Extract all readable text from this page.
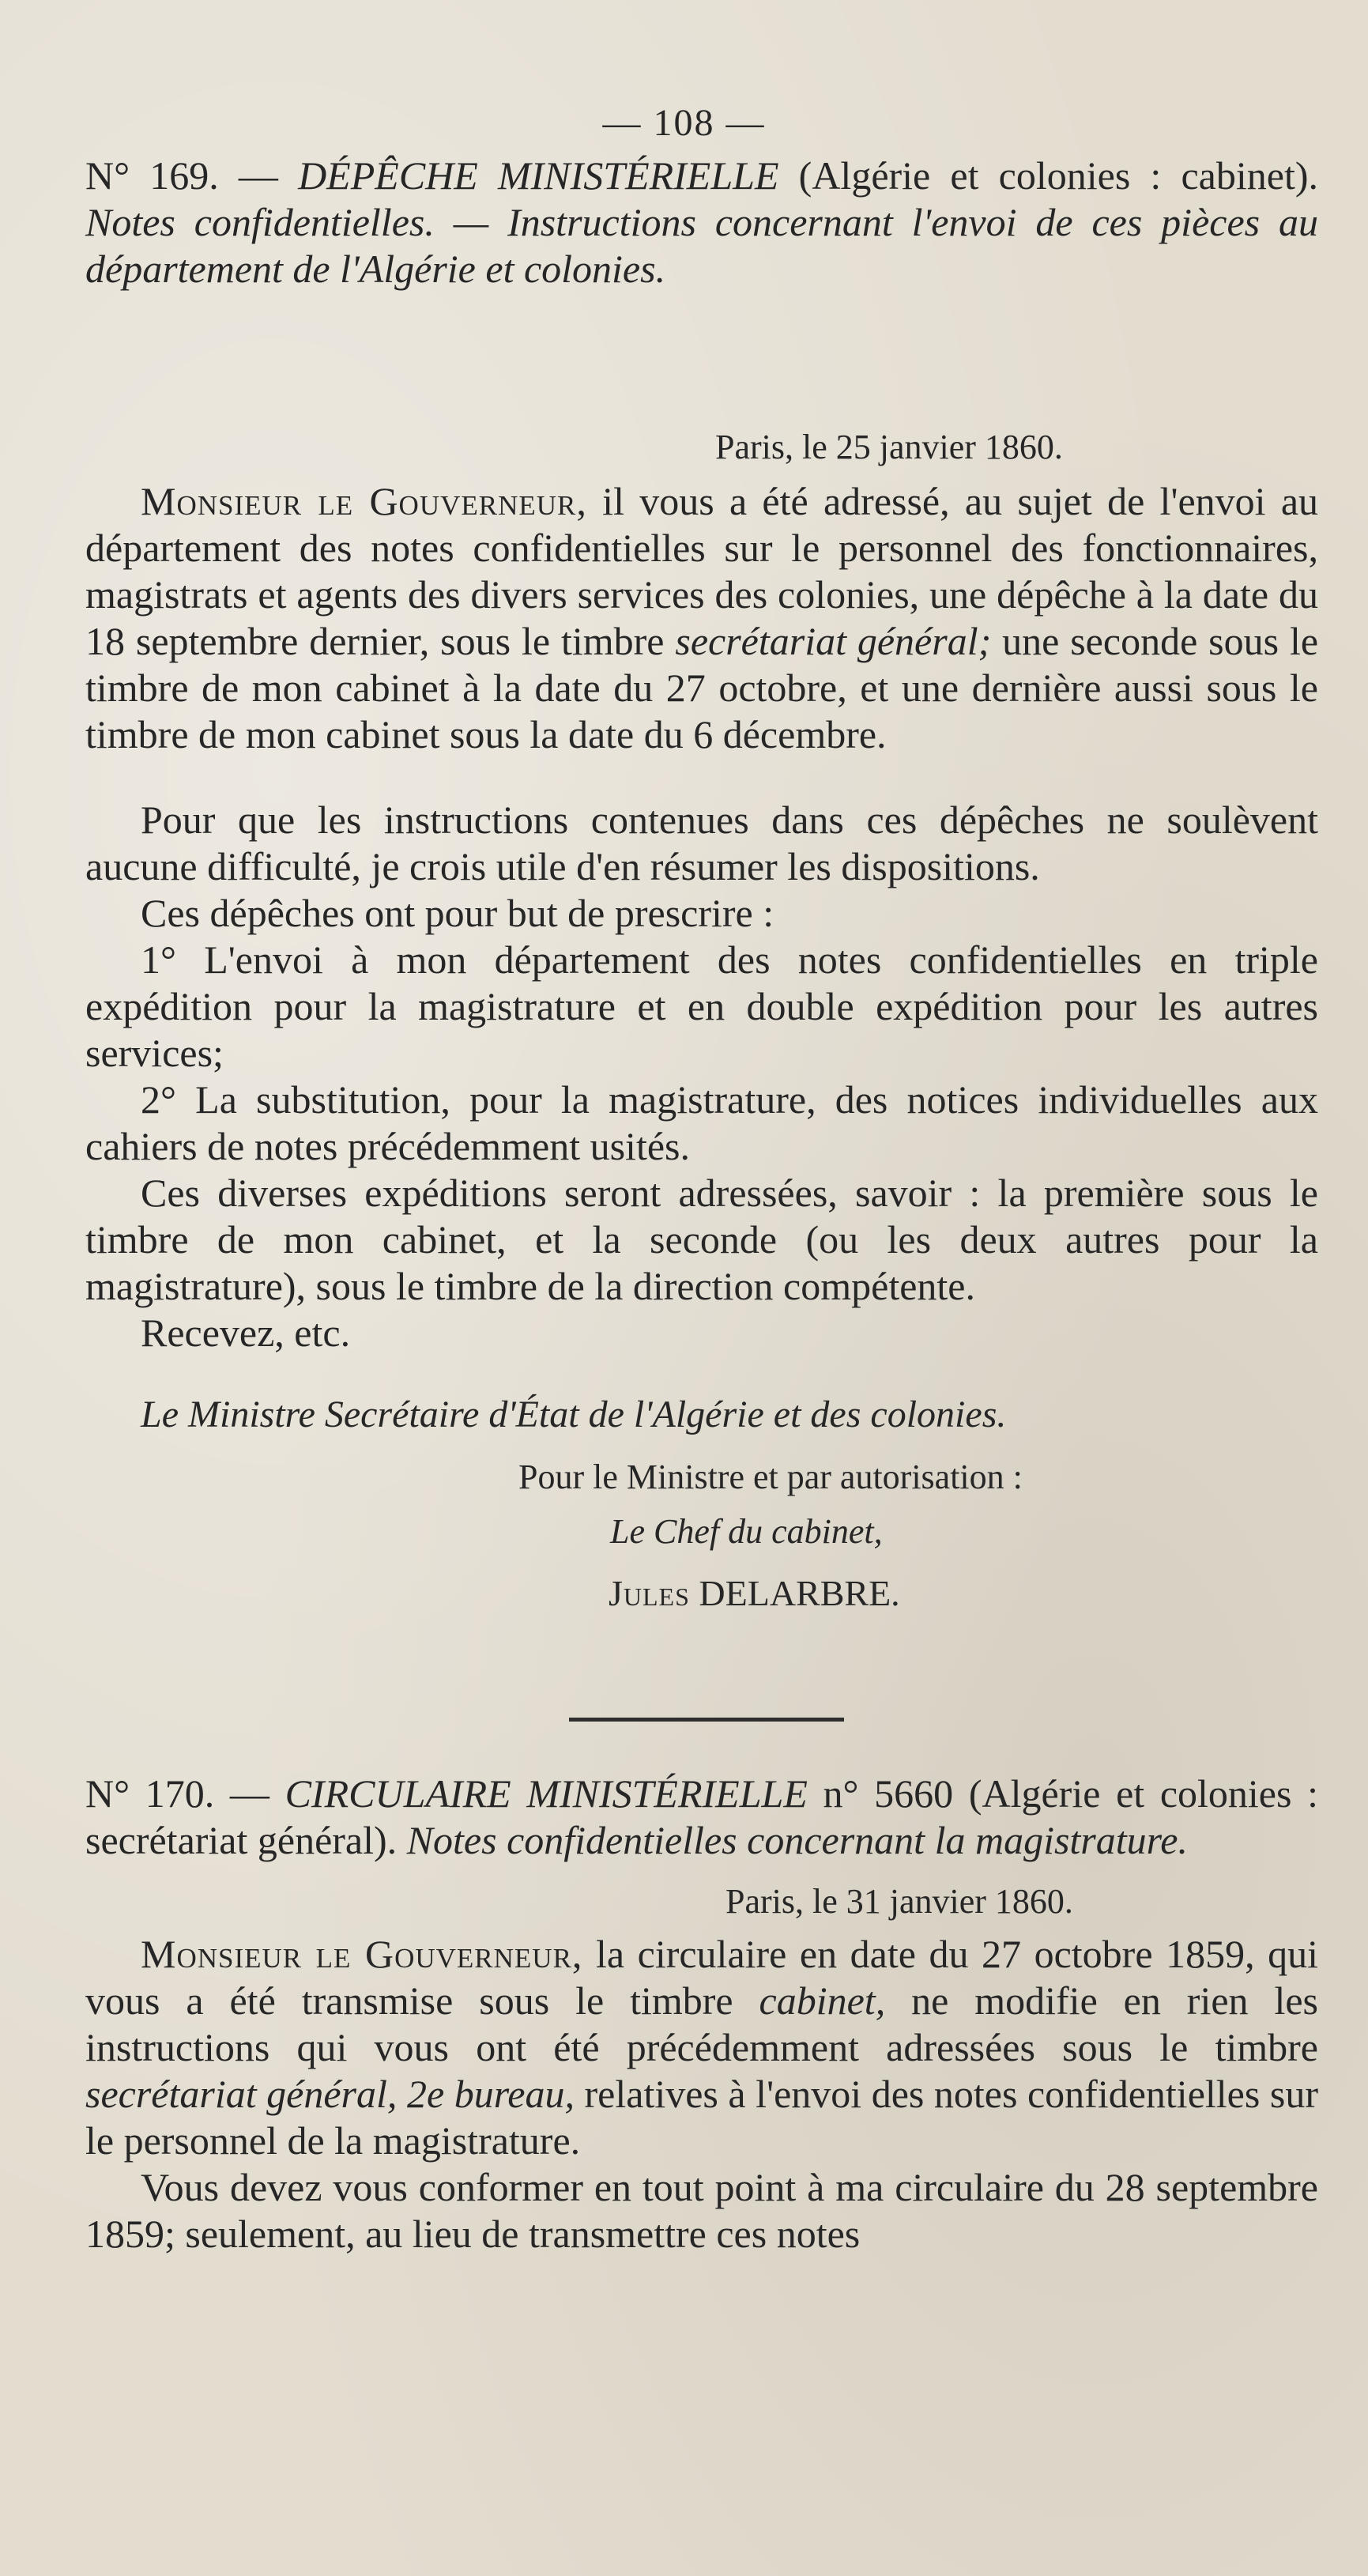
— 108 —

N° 169. — DÉPÊCHE MINISTÉRIELLE (Algérie et colonies : cabinet). Notes confidentielles. — Instructions concernant l'envoi de ces pièces au département de l'Algérie et colonies.

Paris, le 25 janvier 1860.

Monsieur le Gouverneur, il vous a été adressé, au sujet de l'envoi au département des notes confidentielles sur le personnel des fonctionnaires, magistrats et agents des divers services des colonies, une dépêche à la date du 18 septembre dernier, sous le timbre secrétariat général; une seconde sous le timbre de mon cabinet à la date du 27 octobre, et une dernière aussi sous le timbre de mon cabinet sous la date du 6 décembre.

Pour que les instructions contenues dans ces dépêches ne soulèvent aucune difficulté, je crois utile d'en résumer les dispositions.

Ces dépêches ont pour but de prescrire :

1° L'envoi à mon département des notes confidentielles en triple expédition pour la magistrature et en double expédition pour les autres services;

2° La substitution, pour la magistrature, des notices individuelles aux cahiers de notes précédemment usités.

Ces diverses expéditions seront adressées, savoir : la première sous le timbre de mon cabinet, et la seconde (ou les deux autres pour la magistrature), sous le timbre de la direction compétente.

Recevez, etc.

Le Ministre Secrétaire d'État de l'Algérie et des colonies.

Pour le Ministre et par autorisation :

Le Chef du cabinet,

Jules DELARBRE.

N° 170. — CIRCULAIRE MINISTÉRIELLE n° 5660 (Algérie et colonies : secrétariat général). Notes confidentielles concernant la magistrature.

Paris, le 31 janvier 1860.

Monsieur le Gouverneur, la circulaire en date du 27 octobre 1859, qui vous a été transmise sous le timbre cabinet, ne modifie en rien les instructions qui vous ont été précédemment adressées sous le timbre secrétariat général, 2e bureau, relatives à l'envoi des notes confidentielles sur le personnel de la magistrature.

Vous devez vous conformer en tout point à ma circulaire du 28 septembre 1859; seulement, au lieu de transmettre ces notes
